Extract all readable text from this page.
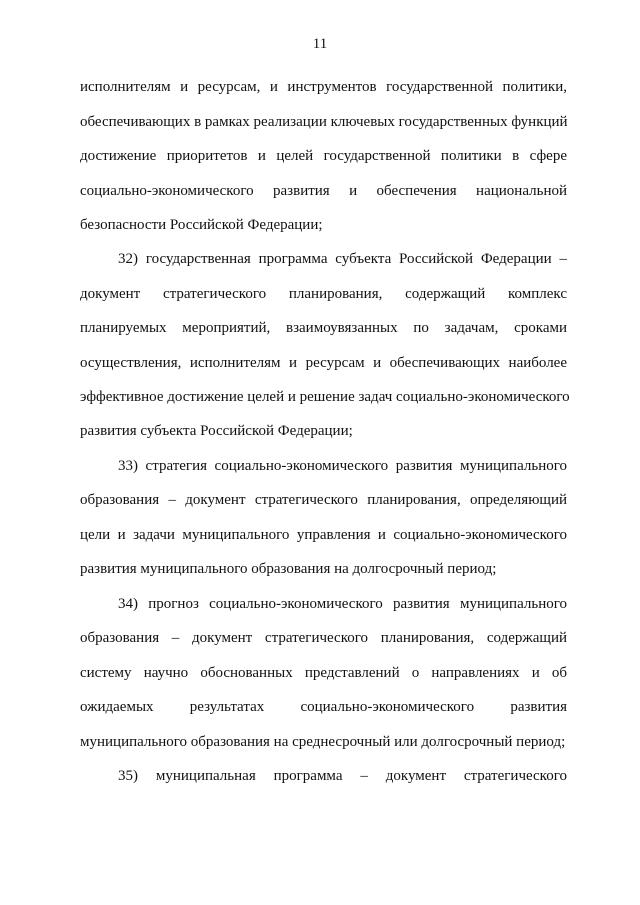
11
исполнителям и ресурсам, и инструментов государственной политики,
обеспечивающих в рамках реализации ключевых государственных функций
достижение приоритетов и целей государственной политики в сфере
социально-экономического развития и обеспечения национальной
безопасности Российской Федерации;
32) государственная программа субъекта Российской Федерации –
документ стратегического планирования, содержащий комплекс
планируемых мероприятий, взаимоувязанных по задачам, сроками
осуществления, исполнителям и ресурсам и обеспечивающих наиболее
эффективное достижение целей и решение задач социально-экономического
развития субъекта Российской Федерации;
33) стратегия социально-экономического развития муниципального
образования – документ стратегического планирования, определяющий
цели и задачи муниципального управления и социально-экономического
развития муниципального образования на долгосрочный период;
34) прогноз социально-экономического развития муниципального
образования – документ стратегического планирования, содержащий
систему научно обоснованных представлений о направлениях и об
ожидаемых результатах социально-экономического развития
муниципального образования на среднесрочный или долгосрочный период;
35) муниципальная программа – документ стратегического
